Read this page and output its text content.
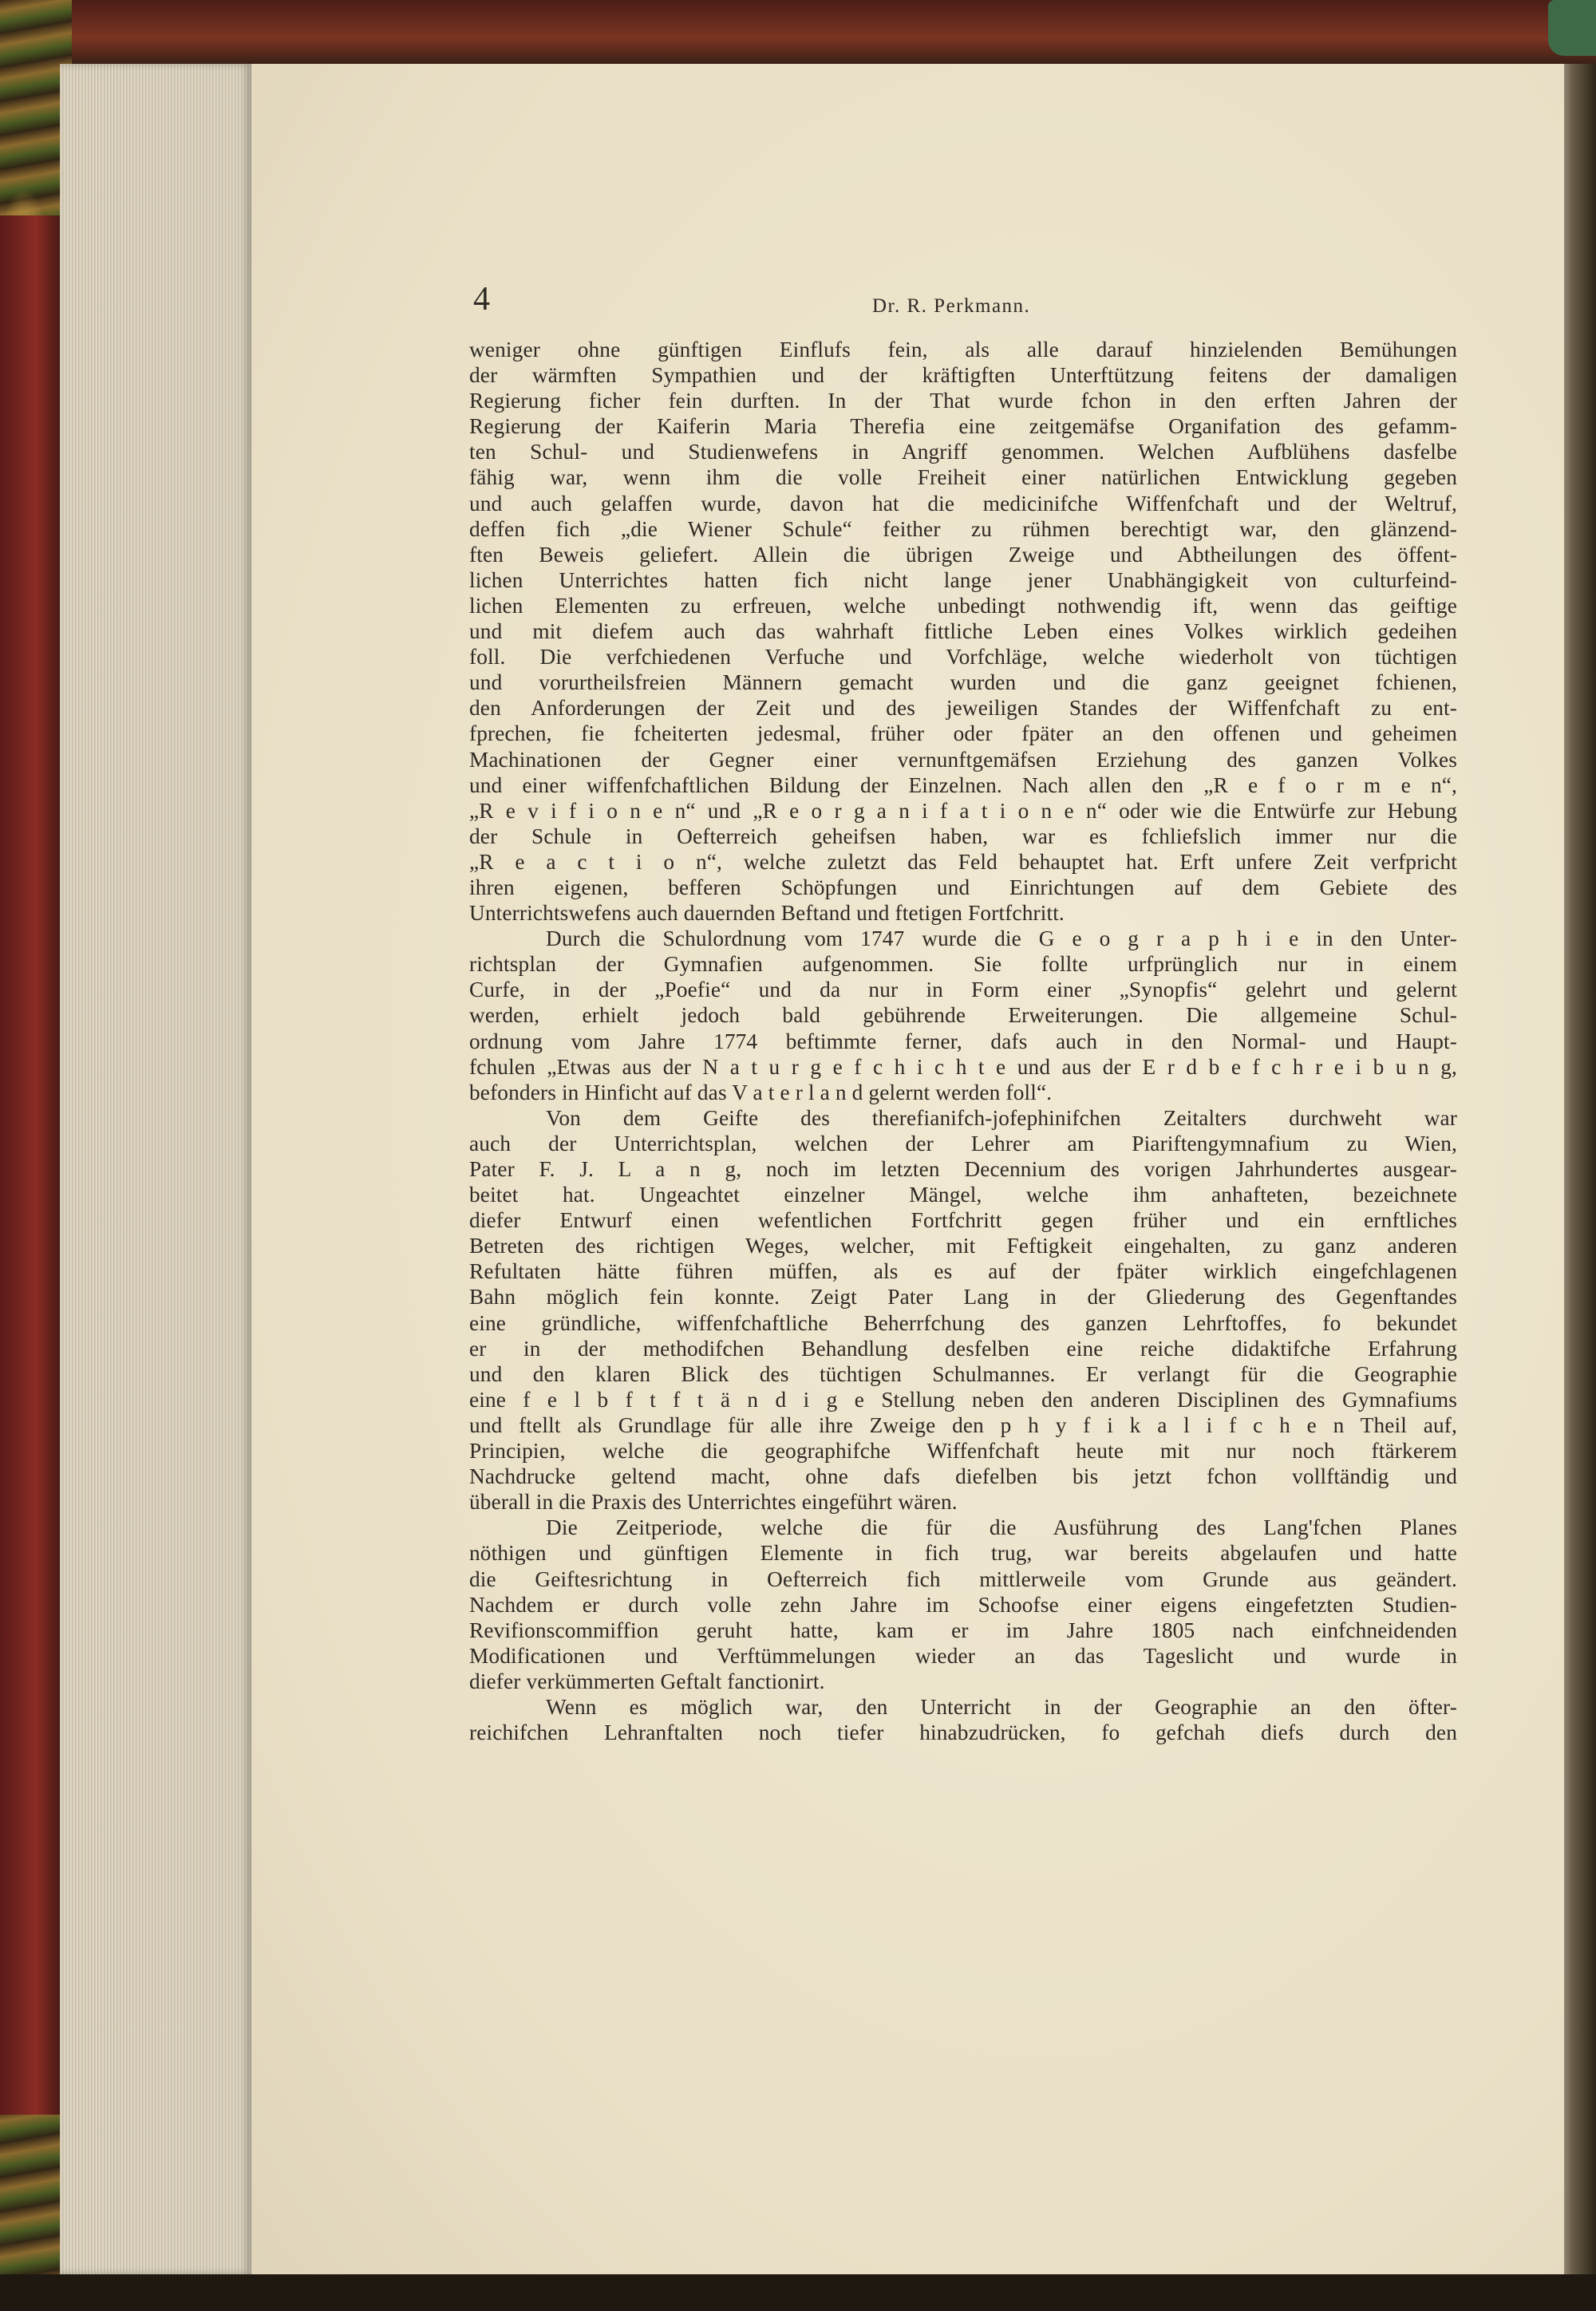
4	Dr. R. Perkmann.
weniger ohne günftigen Einflufs fein, als alle darauf hinzielenden Bemühungen
der wärmften Sympathien und der kräftigften Unterftützung feitens der damaligen
Regierung ficher fein durften. In der That wurde fchon in den erften Jahren der
Regierung der Kaiferin Maria Therefia eine zeitgemäfse Organifation des gefamm-
ten Schul- und Studienwefens in Angriff genommen. Welchen Aufblühens dasfelbe
fähig war, wenn ihm die volle Freiheit einer natürlichen Entwicklung gegeben
und auch gelaffen wurde, davon hat die medicinifche Wiffenfchaft und der Weltruf,
deffen fich „die Wiener Schule“ feither zu rühmen berechtigt war, den glänzend-
ften Beweis geliefert. Allein die übrigen Zweige und Abtheilungen des öffent-
lichen Unterrichtes hatten fich nicht lange jener Unabhängigkeit von culturfeind-
lichen Elementen zu erfreuen, welche unbedingt nothwendig ift, wenn das geiftige
und mit diefem auch das wahrhaft fittliche Leben eines Volkes wirklich gedeihen
foll. Die verfchiedenen Verfuche und Vorfchläge, welche wiederholt von tüchtigen
und vorurtheilsfreien Männern gemacht wurden und die ganz geeignet fchienen,
den Anforderungen der Zeit und des jeweiligen Standes der Wiffenfchaft zu ent-
fprechen, fie fcheiterten jedesmal, früher oder fpäter an den offenen und geheimen
Machinationen der Gegner einer vernunftgemäfsen Erziehung des ganzen Volkes
und einer wiffenfchaftlichen Bildung der Einzelnen. Nach allen den „R e f o r m e n“,
„R e v i f i o n e n“ und „R e o r g a n i f a t i o n e n“ oder wie die Entwürfe zur Hebung
der Schule in Oefterreich geheifsen haben, war es fchliefslich immer nur die
„R e a c t i o n“, welche zuletzt das Feld behauptet hat. Erft unfere Zeit verfpricht
ihren eigenen, befferen Schöpfungen und Einrichtungen auf dem Gebiete des
Unterrichtswefens auch dauernden Beftand und ftetigen Fortfchritt.
Durch die Schulordnung vom 1747 wurde die G e o g r a p h i e in den Unter-
richtsplan der Gymnafien aufgenommen. Sie follte urfprünglich nur in einem
Curfe, in der „Poefie“ und da nur in Form einer „Synopfis“ gelehrt und gelernt
werden, erhielt jedoch bald gebührende Erweiterungen. Die allgemeine Schul-
ordnung vom Jahre 1774 beftimmte ferner, dafs auch in den Normal- und Haupt-
fchulen „Etwas aus der N a t u r g e f c h i c h t e und aus der E r d b e f c h r e i b u n g,
befonders in Hinficht auf das V a t e r l a n d gelernt werden foll“.
Von dem Geifte des therefianifch-jofephinifchen Zeitalters durchweht war
auch der Unterrichtsplan, welchen der Lehrer am Piariftengymnafium zu Wien,
Pater F. J. L a n g, noch im letzten Decennium des vorigen Jahrhundertes ausgear-
beitet hat. Ungeachtet einzelner Mängel, welche ihm anhafteten, bezeichnete
diefer Entwurf einen wefentlichen Fortfchritt gegen früher und ein ernftliches
Betreten des richtigen Weges, welcher, mit Feftigkeit eingehalten, zu ganz anderen
Refultaten hätte führen müffen, als es auf der fpäter wirklich eingefchlagenen
Bahn möglich fein konnte. Zeigt Pater Lang in der Gliederung des Gegenftandes
eine gründliche, wiffenfchaftliche Beherrfchung des ganzen Lehrftoffes, fo bekundet
er in der methodifchen Behandlung desfelben eine reiche didaktifche Erfahrung
und den klaren Blick des tüchtigen Schulmannes. Er verlangt für die Geographie
eine f e l b f t f t ä n d i g e Stellung neben den anderen Disciplinen des Gymnafiums
und ftellt als Grundlage für alle ihre Zweige den p h y f i k a l i f c h e n Theil auf,
Principien, welche die geographifche Wiffenfchaft heute mit nur noch ftärkerem
Nachdrucke geltend macht, ohne dafs diefelben bis jetzt fchon vollftändig und
überall in die Praxis des Unterrichtes eingeführt wären.
Die Zeitperiode, welche die für die Ausführung des Lang'fchen Planes
nöthigen und günftigen Elemente in fich trug, war bereits abgelaufen und hatte
die Geiftesrichtung in Oefterreich fich mittlerweile vom Grunde aus geändert.
Nachdem er durch volle zehn Jahre im Schoofse einer eigens eingefetzten Studien-
Revifionscommiffion geruht hatte, kam er im Jahre 1805 nach einfchneidenden
Modificationen und Verftümmelungen wieder an das Tageslicht und wurde in
diefer verkümmerten Geftalt fanctionirt.
Wenn es möglich war, den Unterricht in der Geographie an den öfter-
reichifchen Lehranftalten noch tiefer hinabzudrücken, fo gefchah diefs durch den
